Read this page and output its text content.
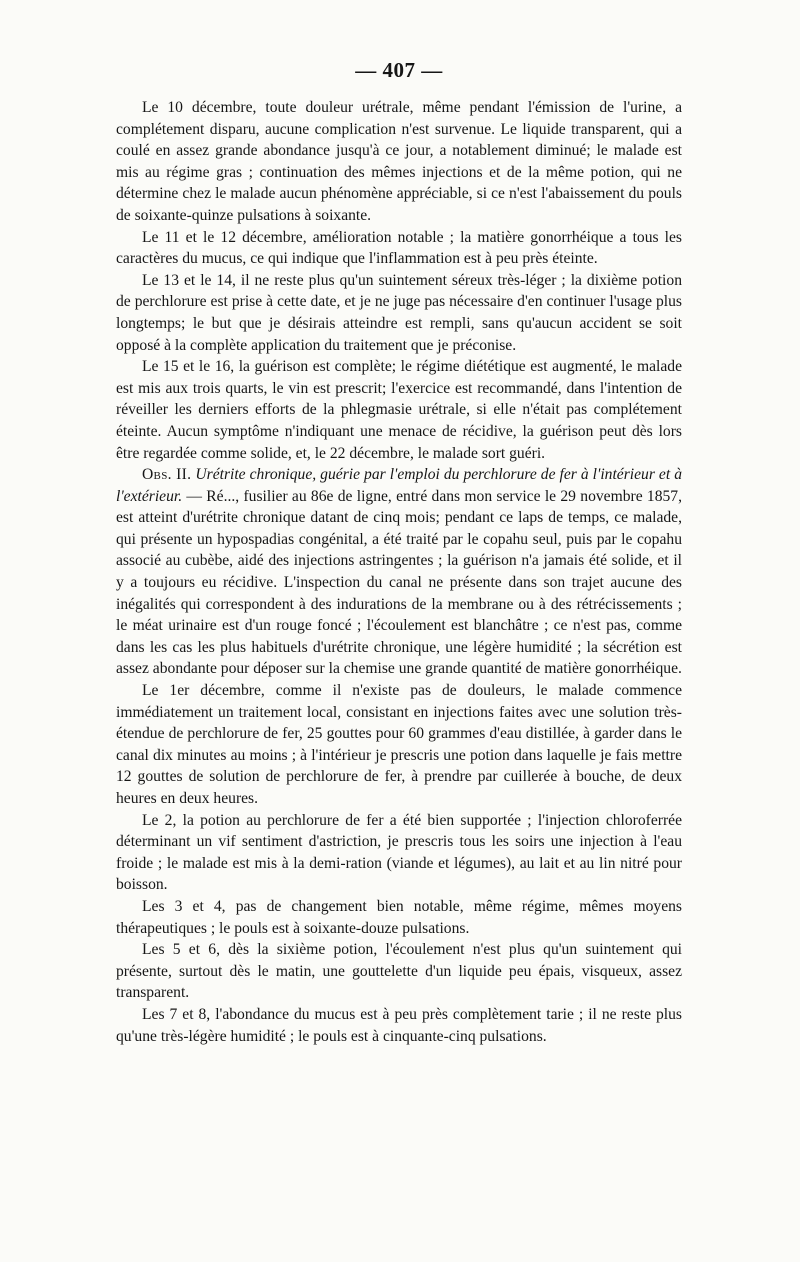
— 407 —

Le 10 décembre, toute douleur urétrale, même pendant l'émission de l'urine, a complétement disparu, aucune complication n'est survenue. Le liquide transparent, qui a coulé en assez grande abondance jusqu'à ce jour, a notablement diminué; le malade est mis au régime gras ; continuation des mêmes injections et de la même potion, qui ne détermine chez le malade aucun phénomène appréciable, si ce n'est l'abaissement du pouls de soixante-quinze pulsations à soixante.

Le 11 et le 12 décembre, amélioration notable ; la matière gonorrhéique a tous les caractères du mucus, ce qui indique que l'inflammation est à peu près éteinte.

Le 13 et le 14, il ne reste plus qu'un suintement séreux très-léger ; la dixième potion de perchlorure est prise à cette date, et je ne juge pas nécessaire d'en continuer l'usage plus longtemps; le but que je désirais atteindre est rempli, sans qu'aucun accident se soit opposé à la complète application du traitement que je préconise.

Le 15 et le 16, la guérison est complète; le régime diététique est augmenté, le malade est mis aux trois quarts, le vin est prescrit; l'exercice est recommandé, dans l'intention de réveiller les derniers efforts de la phlegmasie urétrale, si elle n'était pas complétement éteinte. Aucun symptôme n'indiquant une menace de récidive, la guérison peut dès lors être regardée comme solide, et, le 22 décembre, le malade sort guéri.

Obs. II. Urétrite chronique, guérie par l'emploi du perchlorure de fer à l'intérieur et à l'extérieur. — Ré..., fusilier au 86e de ligne, entré dans mon service le 29 novembre 1857, est atteint d'urétrite chronique datant de cinq mois; pendant ce laps de temps, ce malade, qui présente un hypospadias congénital, a été traité par le copahu seul, puis par le copahu associé au cubèbe, aidé des injections astringentes ; la guérison n'a jamais été solide, et il y a toujours eu récidive. L'inspection du canal ne présente dans son trajet aucune des inégalités qui correspondent à des indurations de la membrane ou à des rétrécissements ; le méat urinaire est d'un rouge foncé ; l'écoulement est blanchâtre ; ce n'est pas, comme dans les cas les plus habituels d'urétrite chronique, une légère humidité ; la sécrétion est assez abondante pour déposer sur la chemise une grande quantité de matière gonorrhéique.

Le 1er décembre, comme il n'existe pas de douleurs, le malade commence immédiatement un traitement local, consistant en injections faites avec une solution très-étendue de perchlorure de fer, 25 gouttes pour 60 grammes d'eau distillée, à garder dans le canal dix minutes au moins ; à l'intérieur je prescris une potion dans laquelle je fais mettre 12 gouttes de solution de perchlorure de fer, à prendre par cuillerée à bouche, de deux heures en deux heures.

Le 2, la potion au perchlorure de fer a été bien supportée ; l'injection chloroferrée déterminant un vif sentiment d'astriction, je prescris tous les soirs une injection à l'eau froide ; le malade est mis à la demi-ration (viande et légumes), au lait et au lin nitré pour boisson.

Les 3 et 4, pas de changement bien notable, même régime, mêmes moyens thérapeutiques ; le pouls est à soixante-douze pulsations.

Les 5 et 6, dès la sixième potion, l'écoulement n'est plus qu'un suintement qui présente, surtout dès le matin, une gouttelette d'un liquide peu épais, visqueux, assez transparent.

Les 7 et 8, l'abondance du mucus est à peu près complètement tarie ; il ne reste plus qu'une très-légère humidité ; le pouls est à cinquante-cinq pulsations.
